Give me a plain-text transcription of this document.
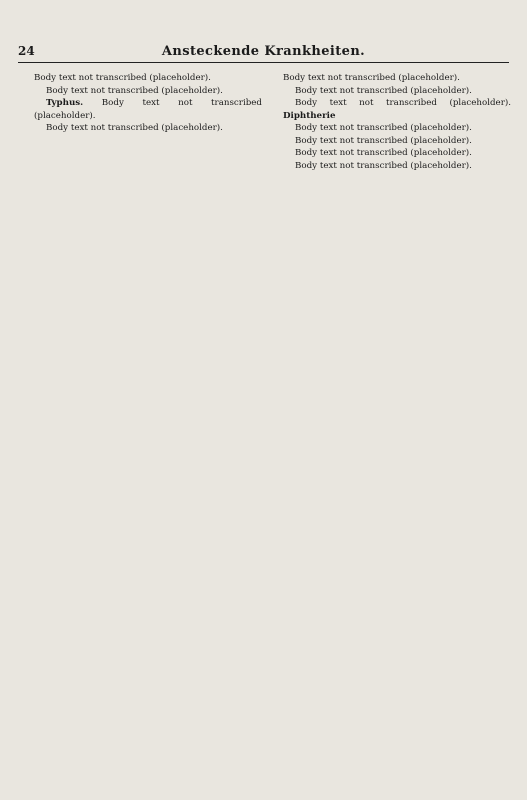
24	Ansteckende Krankheiten.

Body text not transcribed (placeholder).

Body text not transcribed (placeholder).

Typhus. Body text not transcribed (placeholder).

Body text not transcribed (placeholder).

Body text not transcribed (placeholder).

Body text not transcribed (placeholder).

Body text not transcribed (placeholder). Diphtherie

Body text not transcribed (placeholder).

Body text not transcribed (placeholder).

Body text not transcribed (placeholder).

Body text not transcribed (placeholder).
